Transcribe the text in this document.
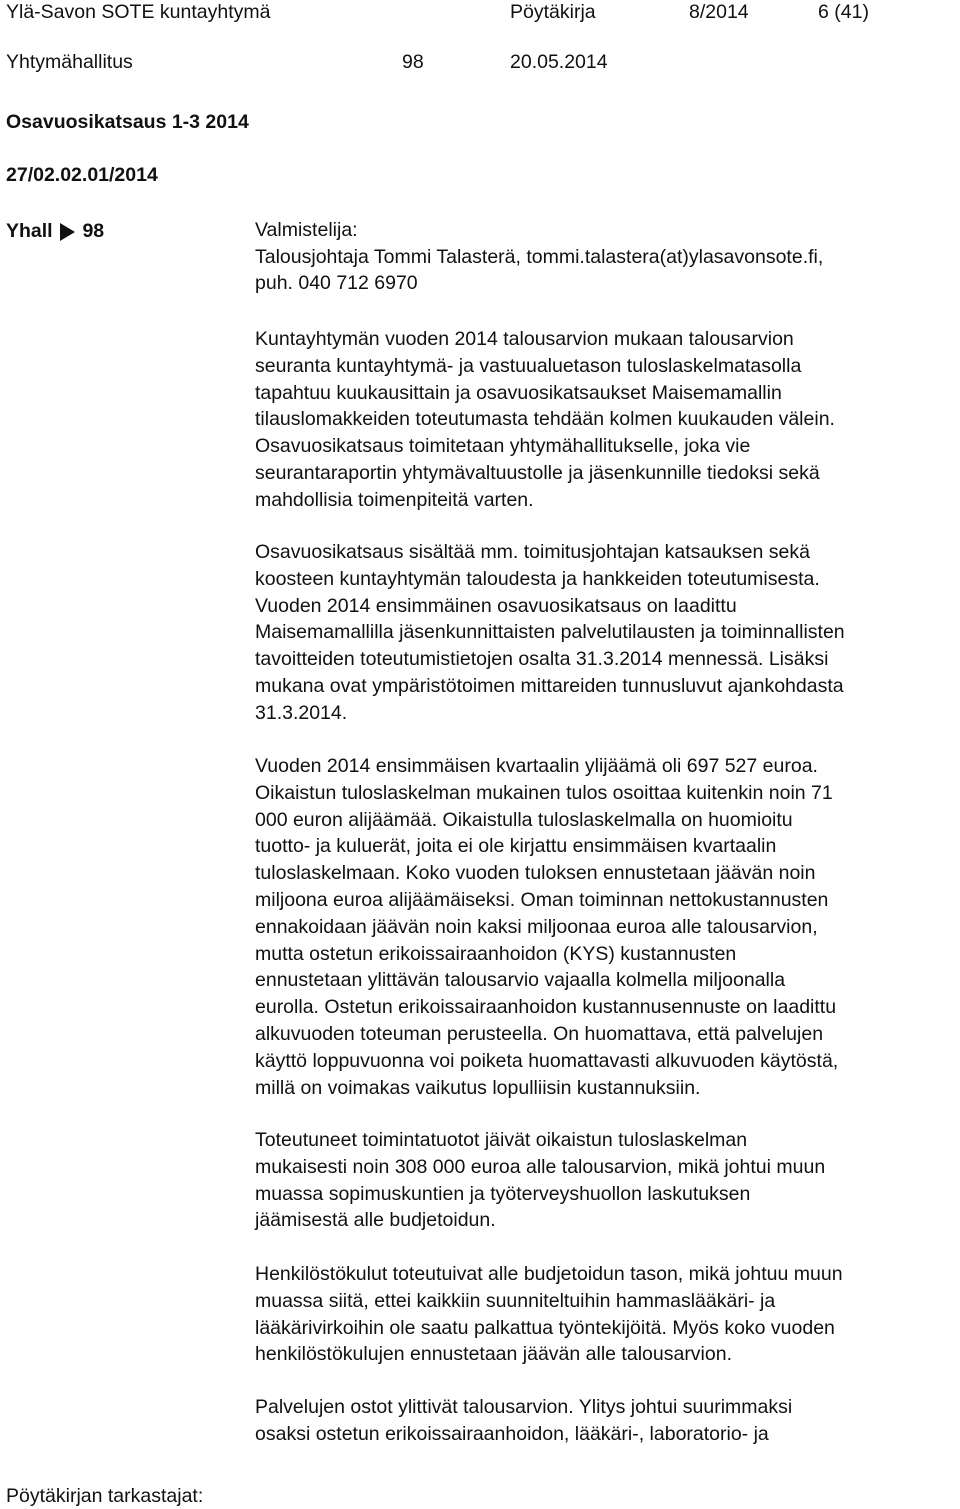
Ylä-Savon SOTE kuntayhtymä	Pöytäkirja	8/2014	6 (41)
Yhtymähallitus	98	20.05.2014
Osavuosikatsaus 1-3 2014
27/02.02.01/2014
Yhall 98	Valmistelija:
Talousjohtaja Tommi Talasterä, tommi.talastera(at)ylasavonsote.fi,
puh. 040 712 6970
Kuntayhtymän vuoden 2014 talousarvion mukaan talousarvion
seuranta kuntayhtymä- ja vastuualuetason tuloslaskelmatasolla
tapahtuu kuukausittain ja osavuosikatsaukset Maisemamallin
tilauslomakkeiden toteutumasta tehdään kolmen kuukauden välein.
Osavuosikatsaus toimitetaan yhtymähallitukselle, joka vie
seurantaraportin yhtymävaltuustolle ja jäsenkunnille tiedoksi sekä
mahdollisia toimenpiteitä varten.
Osavuosikatsaus sisältää mm. toimitusjohtajan katsauksen sekä
koosteen kuntayhtymän taloudesta ja hankkeiden toteutumisesta.
Vuoden 2014 ensimmäinen osavuosikatsaus on laadittu
Maisemamallilla jäsenkunnittaisten palvelutilausten ja toiminnallisten
tavoitteiden toteutumistietojen osalta 31.3.2014 mennessä. Lisäksi
mukana ovat ympäristötoimen mittareiden tunnusluvut ajankohdasta
31.3.2014.
Vuoden 2014 ensimmäisen kvartaalin ylijäämä oli 697 527 euroa.
Oikaistun tuloslaskelman mukainen tulos osoittaa kuitenkin noin 71
000 euron alijäämää. Oikaistulla tuloslaskelmalla on huomioitu
tuotto- ja kuluerät, joita ei ole kirjattu ensimmäisen kvartaalin
tuloslaskelmaan. Koko vuoden tuloksen ennustetaan jäävän noin
miljoona euroa alijäämäiseksi. Oman toiminnan nettokustannusten
ennakoidaan jäävän noin kaksi miljoonaa euroa alle talousarvion,
mutta ostetun erikoissairaanhoidon (KYS) kustannusten
ennustetaan ylittävän talousarvio vajaalla kolmella miljoonalla
eurolla. Ostetun erikoissairaanhoidon kustannusennuste on laadittu
alkuvuoden toteuman perusteella. On huomattava, että palvelujen
käyttö loppuvuonna voi poiketa huomattavasti alkuvuoden käytöstä,
millä on voimakas vaikutus lopulliisin kustannuksiin.
Toteutuneet toimintatuotot jäivät oikaistun tuloslaskelman
mukaisesti noin 308 000 euroa alle talousarvion, mikä johtui muun
muassa sopimuskuntien ja työterveyshuollon laskutuksen
jäämisestä alle budjetoidun.
Henkilöstökulut toteutuivat alle budjetoidun tason, mikä johtuu muun
muassa siitä, ettei kaikkiin suunniteltuihin hammaslääkäri- ja
lääkärivirkoihin ole saatu palkattua työntekijöitä. Myös koko vuoden
henkilöstökulujen ennustetaan jäävän alle talousarvion.
Palvelujen ostot ylittivät talousarvion. Ylitys johtui suurimmaksi
osaksi ostetun erikoissairaanhoidon, lääkäri-, laboratorio- ja
Pöytäkirjan tarkastajat:
